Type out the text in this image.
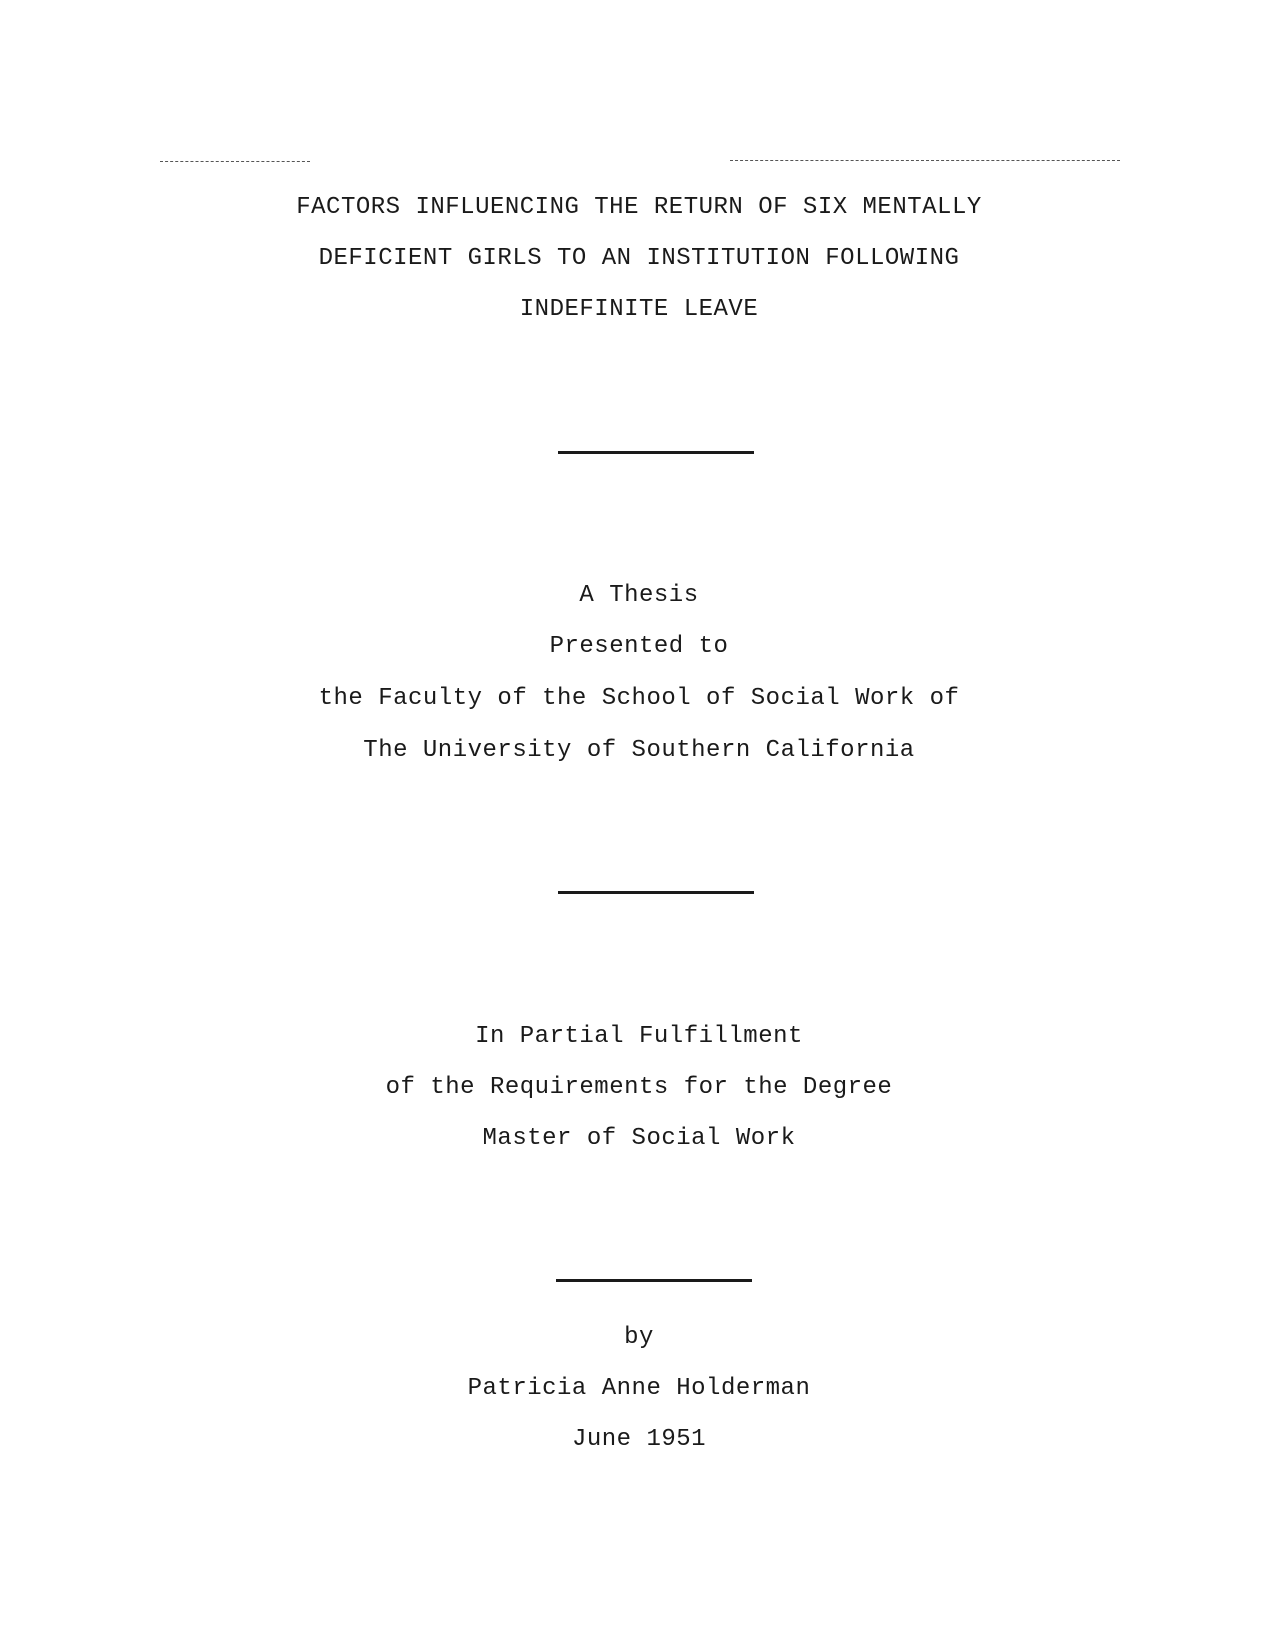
FACTORS INFLUENCING THE RETURN OF SIX MENTALLY
DEFICIENT GIRLS TO AN INSTITUTION FOLLOWING
INDEFINITE LEAVE
A Thesis
Presented to
the Faculty of the School of Social Work of
The University of Southern California
In Partial Fulfillment
of the Requirements for the Degree
Master of Social Work
by
Patricia Anne Holderman
June 1951
